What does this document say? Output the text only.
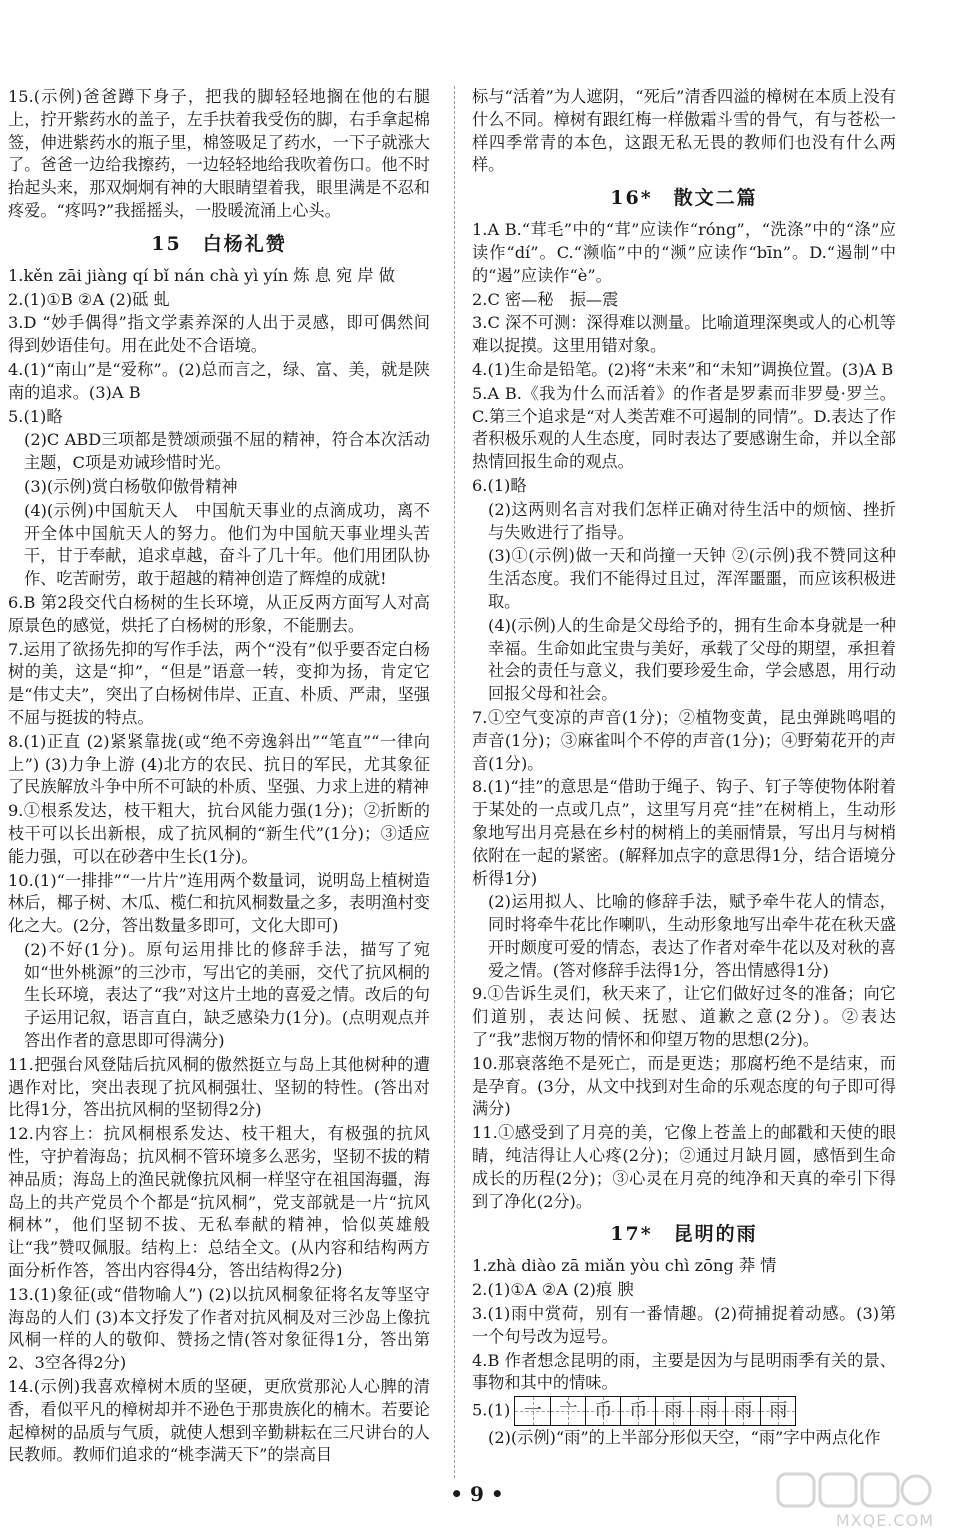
15.(示例)爸爸蹲下身子，把我的脚轻轻地搁在他的右腿上，拧开紫药水的盖子，左手扶着我受伤的脚，右手拿起棉签，伸进紫药水的瓶子里，棉签吸足了药水，一下子就涨大了。爸爸一边给我擦药，一边轻轻地给我吹着伤口。他不时抬起头来，那双炯炯有神的大眼睛望着我，眼里满是不忍和疼爱。“疼吗?”我摇摇头，一股暖流涌上心头。
15　白杨礼赞
1.kěn zāi jiàng qí bǐ nán chà yì yín 炼 息 宛 岸 做
2.(1)①B ②A (2)砥 虬
3.D “妙手偶得”指文学素养深的人出于灵感，即可偶然间得到妙语佳句。用在此处不合语境。
4.(1)“南山”是“爱称”。(2)总而言之，绿、富、美，就是陕南的追求。(3)A B
5.(1)略
(2)C ABD三项都是赞颂顽强不屈的精神，符合本次活动主题，C项是劝诫珍惜时光。
(3)(示例)赏白杨敬仰傲骨精神
(4)(示例)中国航天人　中国航天事业的点滴成功，离不开全体中国航天人的努力。他们为中国航天事业埋头苦干，甘于奉献，追求卓越，奋斗了几十年。他们用团队协作、吃苦耐劳，敢于超越的精神创造了辉煌的成就!
6.B 第2段交代白杨树的生长环境，从正反两方面写人对高原景色的感觉，烘托了白杨树的形象，不能删去。
7.运用了欲扬先抑的写作手法，两个“没有”似乎要否定白杨树的美，这是“抑”，“但是”语意一转，变抑为扬，肯定它是“伟丈夫”，突出了白杨树伟岸、正直、朴质、严肃，坚强不屈与挺拔的特点。
8.(1)正直 (2)紧紧靠拢(或“绝不旁逸斜出”“笔直”“一律向上”) (3)力争上游 (4)北方的农民、抗日的军民，尤其象征了民族解放斗争中所不可缺的朴质、坚强、力求上进的精神
9.①根系发达，枝干粗大，抗台风能力强(1分)；②折断的枝干可以长出新根，成了抗风桐的“新生代”(1分)；③适应能力强，可以在砂砻中生长(1分)。
10.(1)“一排排”“一片片”连用两个数量词，说明岛上植树造林后，椰子树、木瓜、榄仁和抗风桐数量之多，表明渔村变化之大。(2分，答出数量多即可，文化大即可)
(2)不好(1分)。原句运用排比的修辞手法，描写了宛如“世外桃源”的三沙市，写出它的美丽，交代了抗风桐的生长环境，表达了“我”对这片土地的喜爱之情。改后的句子运用记叙，语言直白，缺乏感染力(1分)。(点明观点并答出作者的意思即可得满分)
11.把强台风登陆后抗风桐的傲然挺立与岛上其他树种的遭遇作对比，突出表现了抗风桐强壮、坚韧的特性。(答出对比得1分，答出抗风桐的坚韧得2分)
12.内容上：抗风桐根系发达、枝干粗大，有极强的抗风性，守护着海岛；抗风桐不管环境多么恶劣，坚韧不拔的精神品质；海岛上的渔民就像抗风桐一样坚守在祖国海疆，海岛上的共产党员个个都是“抗风桐”，党支部就是一片“抗风桐林”，他们坚韧不拔、无私奉献的精神，恰似英雄般让“我”赞叹佩服。结构上：总结全文。(从内容和结构两方面分析作答，答出内容得4分，答出结构得2分)
13.(1)象征(或“借物喻人”) (2)以抗风桐象征将名友等坚守海岛的人们 (3)本文抒发了作者对抗风桐及对三沙岛上像抗风桐一样的人的敬仰、赞扬之情(答对象征得1分，答出第2、3空各得2分)
14.(示例)我喜欢樟树木质的坚硬，更欣赏那沁人心脾的清香，看似平凡的樟树却并不逊色于那贵族化的楠木。若要论起樟树的品质与气质，就使人想到辛勤耕耘在三尺讲台的人民教师。教师们追求的“桃李满天下”的崇高目
标与“活着”为人遮阴，“死后”清香四溢的樟树在本质上没有什么不同。樟树有跟红梅一样傲霜斗雪的骨气，有与苍松一样四季常青的本色，这跟无私无畏的教师们也没有什么两样。
16*　散文二篇
1.A B.“茸毛”中的“茸”应读作“róng”，“洗涤”中的“涤”应读作“dí”。C.“濒临”中的“濒”应读作“bīn”。D.“遏制”中的“遏”应读作“è”。
2.C 密—秘　振—震
3.C 深不可测：深得难以测量。比喻道理深奥或人的心机等难以捉摸。这里用错对象。
4.(1)生命是铅笔。(2)将“未来”和“未知”调换位置。(3)A B
5.A B.《我为什么而活着》的作者是罗素而非罗曼·罗兰。C.第三个追求是“对人类苦难不可遏制的同情”。D.表达了作者积极乐观的人生态度，同时表达了要感谢生命，并以全部热情回报生命的观点。
6.(1)略
(2)这两则名言对我们怎样正确对待生活中的烦恼、挫折与失败进行了指导。
(3)①(示例)做一天和尚撞一天钟 ②(示例)我不赞同这种生活态度。我们不能得过且过，浑浑噩噩，而应该积极进取。
(4)(示例)人的生命是父母给予的，拥有生命本身就是一种幸福。生命如此宝贵与美好，承载了父母的期望，承担着社会的责任与意义，我们要珍爱生命，学会感恩，用行动回报父母和社会。
7.①空气变凉的声音(1分)；②植物变黄，昆虫弹跳鸣唱的声音(1分)；③麻雀叫个不停的声音(1分)；④野菊花开的声音(1分)。
8.(1)“挂”的意思是“借助于绳子、钩子、钉子等使物体附着于某处的一点或几点”，这里写月亮“挂”在树梢上，生动形象地写出月亮悬在乡村的树梢上的美丽情景，写出月与树梢依附在一起的紧密。(解释加点字的意思得1分，结合语境分析得1分)
(2)运用拟人、比喻的修辞手法，赋予牵牛花人的情态，同时将牵牛花比作喇叭，生动形象地写出牵牛花在秋天盛开时颇度可爱的情态，表达了作者对牵牛花以及对秋的喜爱之情。(答对修辞手法得1分，答出情感得1分)
9.①告诉生灵们，秋天来了，让它们做好过冬的准备；向它们道别，表达问候、抚慰、道歉之意(2分)。②表达了“我”悲悯万物的情怀和仰望万物的思想(2分)。
10.那衰落绝不是死亡，而是更迭；那腐朽绝不是结束，而是孕育。(3分，从文中找到对生命的乐观态度的句子即可得满分)
11.①感受到了月亮的美，它像上苍盖上的邮戳和天使的眼睛，纯洁得让人心疼(2分)；②通过月缺月圆，感悟到生命成长的历程(2分)；③心灵在月亮的纯净和天真的牵引下得到了净化(2分)。
17*　昆明的雨
1.zhà diào zā miǎn yòu chì zōng 莽 情
2.(1)①A ②A (2)痕 腴
3.(1)雨中赏荷，别有一番情趣。(2)荷捕捉着动感。(3)第一个句号改为逗号。
4.B 作者想念昆明的雨，主要是因为与昆明雨季有关的景、事物和其中的情味。
5.(1) 一 亠 币 币 雨 雨 雨 雨
(2)(示例)“雨”的上半部分形似天空，“雨”字中两点化作
• 9 •
MXQE.COM
